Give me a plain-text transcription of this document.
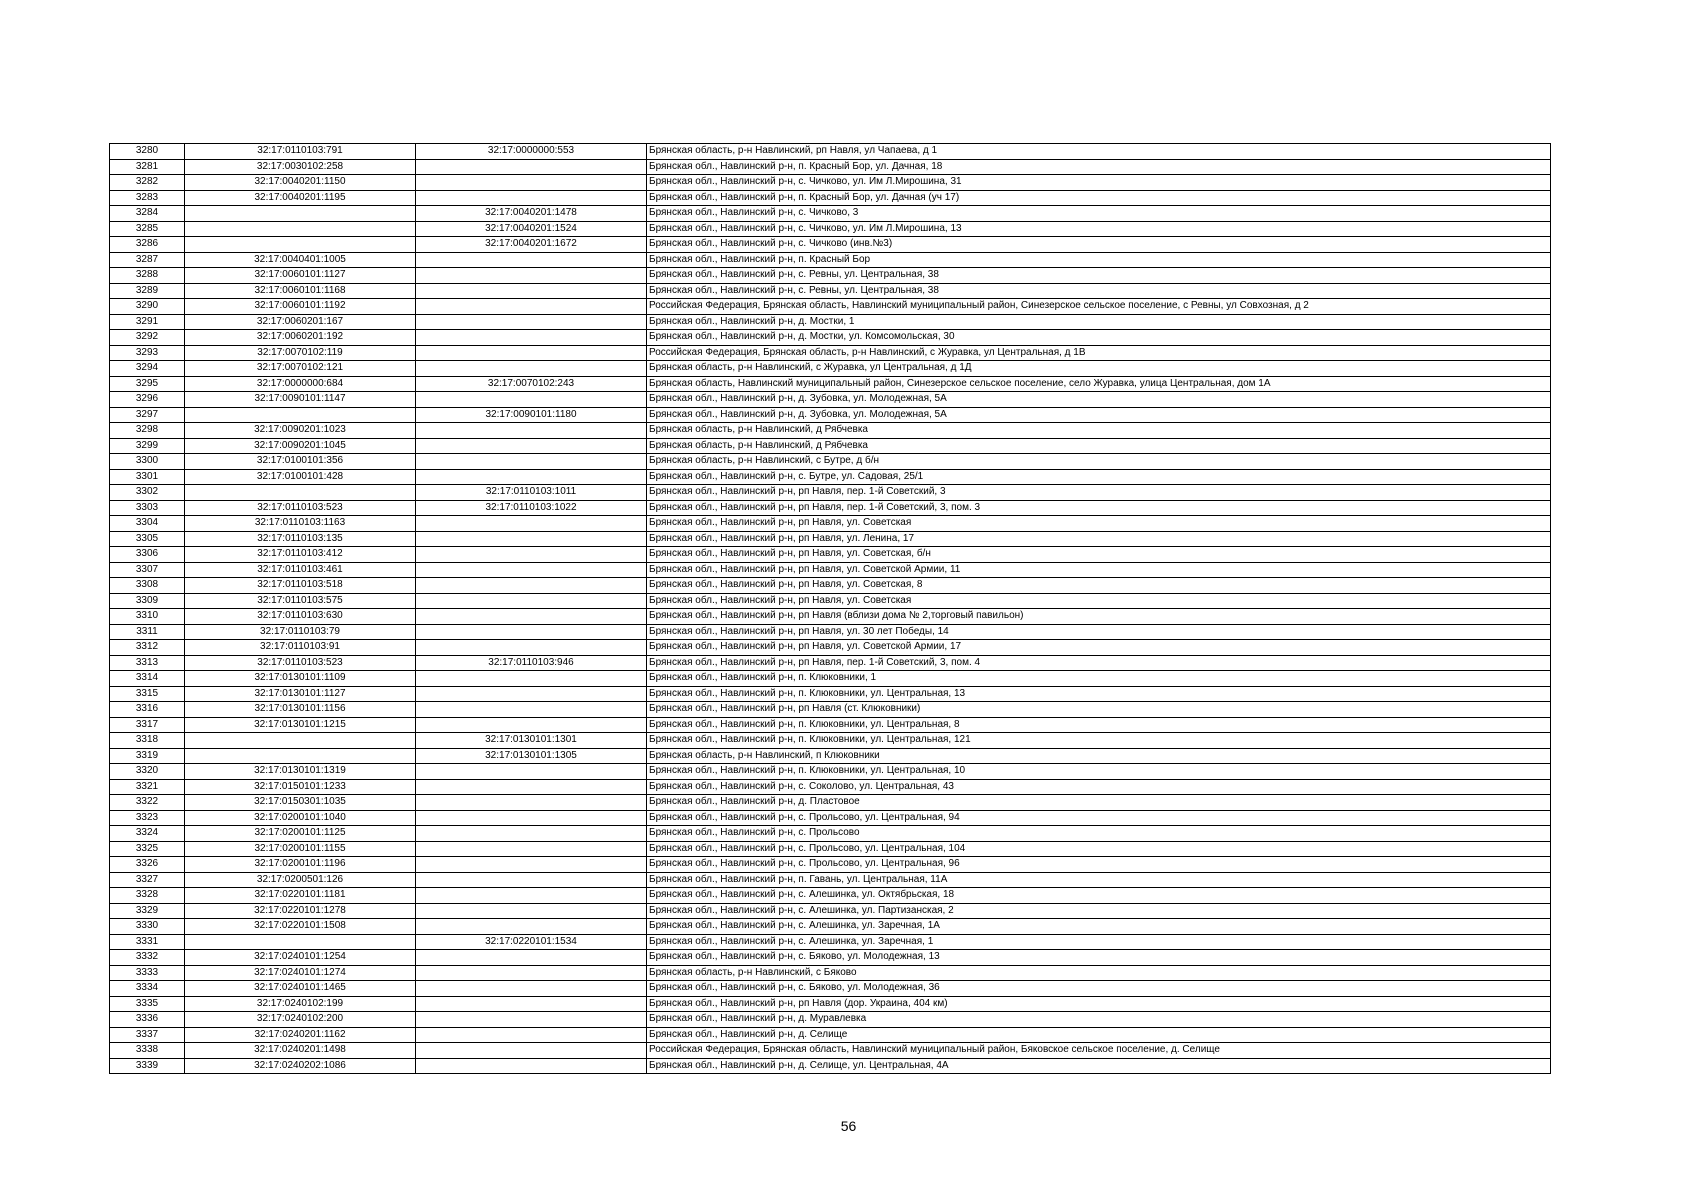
3280	32:17:0110103:791	32:17:0000000:553	Брянская область, р-н Навлинский, рп Навля, ул Чапаева, д 1
3281	32:17:0030102:258		Брянская обл., Навлинский р-н, п. Красный Бор, ул. Дачная, 18
3282	32:17:0040201:1150		Брянская обл., Навлинский р-н, с. Чичково, ул. Им Л.Мирошина, 31
3283	32:17:0040201:1195		Брянская обл., Навлинский р-н, п. Красный Бор, ул. Дачная (уч 17)
3284		32:17:0040201:1478	Брянская обл., Навлинский р-н, с. Чичково, 3
3285		32:17:0040201:1524	Брянская обл., Навлинский р-н, с. Чичково, ул. Им Л.Мирошина, 13
3286		32:17:0040201:1672	Брянская обл., Навлинский р-н, с. Чичково (инв.№3)
3287	32:17:0040401:1005		Брянская обл., Навлинский р-н, п. Красный Бор
3288	32:17:0060101:1127		Брянская обл., Навлинский р-н, с. Ревны, ул. Центральная, 38
3289	32:17:0060101:1168		Брянская обл., Навлинский р-н, с. Ревны, ул. Центральная, 38
3290	32:17:0060101:1192		Российская Федерация, Брянская область, Навлинский муниципальный район, Синезерское сельское поселение, с Ревны, ул Совхозная, д 2
3291	32:17:0060201:167		Брянская обл., Навлинский р-н, д. Мостки, 1
3292	32:17:0060201:192		Брянская обл., Навлинский р-н, д. Мостки, ул. Комсомольская, 30
3293	32:17:0070102:119		Российская Федерация, Брянская область, р-н Навлинский, с Журавка, ул Центральная, д 1В
3294	32:17:0070102:121		Брянская область, р-н Навлинский, с Журавка, ул Центральная, д 1Д
3295	32:17:0000000:684	32:17:0070102:243	Брянская область, Навлинский муниципальный район, Синезерское сельское поселение, село Журавка, улица Центральная, дом 1А
3296	32:17:0090101:1147		Брянская обл., Навлинский р-н, д. Зубовка, ул. Молодежная, 5А
3297		32:17:0090101:1180	Брянская обл., Навлинский р-н, д. Зубовка, ул. Молодежная, 5А
3298	32:17:0090201:1023		Брянская область, р-н Навлинский, д Рябчевка
3299	32:17:0090201:1045		Брянская область, р-н Навлинский, д Рябчевка
3300	32:17:0100101:356		Брянская область, р-н Навлинский, с Бутре, д б/н
3301	32:17:0100101:428		Брянская обл., Навлинский р-н, с. Бутре, ул. Садовая, 25/1
3302		32:17:0110103:1011	Брянская обл., Навлинский р-н, рп Навля, пер. 1-й Советский, 3
3303	32:17:0110103:523	32:17:0110103:1022	Брянская обл., Навлинский р-н, рп Навля, пер. 1-й Советский, 3, пом. 3
3304	32:17:0110103:1163		Брянская обл., Навлинский р-н, рп Навля, ул. Советская
3305	32:17:0110103:135		Брянская обл., Навлинский р-н, рп Навля, ул. Ленина, 17
3306	32:17:0110103:412		Брянская обл., Навлинский р-н, рп Навля, ул. Советская, б/н
3307	32:17:0110103:461		Брянская обл., Навлинский р-н, рп Навля, ул. Советской Армии, 11
3308	32:17:0110103:518		Брянская обл., Навлинский р-н, рп Навля, ул. Советская, 8
3309	32:17:0110103:575		Брянская обл., Навлинский р-н, рп Навля, ул. Советская
3310	32:17:0110103:630		Брянская обл., Навлинский р-н, рп Навля (вблизи дома № 2,торговый павильон)
3311	32:17:0110103:79		Брянская обл., Навлинский р-н, рп Навля, ул. 30 лет Победы, 14
3312	32:17:0110103:91		Брянская обл., Навлинский р-н, рп Навля, ул. Советской Армии, 17
3313	32:17:0110103:523	32:17:0110103:946	Брянская обл., Навлинский р-н, рп Навля, пер. 1-й Советский, 3, пом. 4
3314	32:17:0130101:1109		Брянская обл., Навлинский р-н, п. Клюковники, 1
3315	32:17:0130101:1127		Брянская обл., Навлинский р-н, п. Клюковники, ул. Центральная, 13
3316	32:17:0130101:1156		Брянская обл., Навлинский р-н, рп Навля (ст. Клюковники)
3317	32:17:0130101:1215		Брянская обл., Навлинский р-н, п. Клюковники, ул. Центральная, 8
3318		32:17:0130101:1301	Брянская обл., Навлинский р-н, п. Клюковники, ул. Центральная, 121
3319		32:17:0130101:1305	Брянская область, р-н Навлинский, п Клюковники
3320	32:17:0130101:1319		Брянская обл., Навлинский р-н, п. Клюковники, ул. Центральная, 10
3321	32:17:0150101:1233		Брянская обл., Навлинский р-н, с. Соколово, ул. Центральная, 43
3322	32:17:0150301:1035		Брянская обл., Навлинский р-н, д. Пластовое
3323	32:17:0200101:1040		Брянская обл., Навлинский р-н, с. Прольсово, ул. Центральная, 94
3324	32:17:0200101:1125		Брянская обл., Навлинский р-н, с. Прольсово
3325	32:17:0200101:1155		Брянская обл., Навлинский р-н, с. Прольсово, ул. Центральная, 104
3326	32:17:0200101:1196		Брянская обл., Навлинский р-н, с. Прольсово, ул. Центральная, 96
3327	32:17:0200501:126		Брянская обл., Навлинский р-н, п. Гавань, ул. Центральная, 11А
3328	32:17:0220101:1181		Брянская обл., Навлинский р-н, с. Алешинка, ул. Октябрьская, 18
3329	32:17:0220101:1278		Брянская обл., Навлинский р-н, с. Алешинка, ул. Партизанская, 2
3330	32:17:0220101:1508		Брянская обл., Навлинский р-н, с. Алешинка, ул. Заречная, 1А
3331		32:17:0220101:1534	Брянская обл., Навлинский р-н, с. Алешинка, ул. Заречная, 1
3332	32:17:0240101:1254		Брянская обл., Навлинский р-н, с. Бяково, ул. Молодежная, 13
3333	32:17:0240101:1274		Брянская область, р-н Навлинский, с Бяково
3334	32:17:0240101:1465		Брянская обл., Навлинский р-н, с. Бяково, ул. Молодежная, 36
3335	32:17:0240102:199		Брянская обл., Навлинский р-н, рп Навля (дор. Украина, 404 км)
3336	32:17:0240102:200		Брянская обл., Навлинский р-н, д. Муравлевка
3337	32:17:0240201:1162		Брянская обл., Навлинский р-н, д. Селище
3338	32:17:0240201:1498		Российская Федерация, Брянская область, Навлинский муниципальный район, Бяковское сельское поселение, д. Селище
3339	32:17:0240202:1086		Брянская обл., Навлинский р-н, д. Селище, ул. Центральная, 4А
56
